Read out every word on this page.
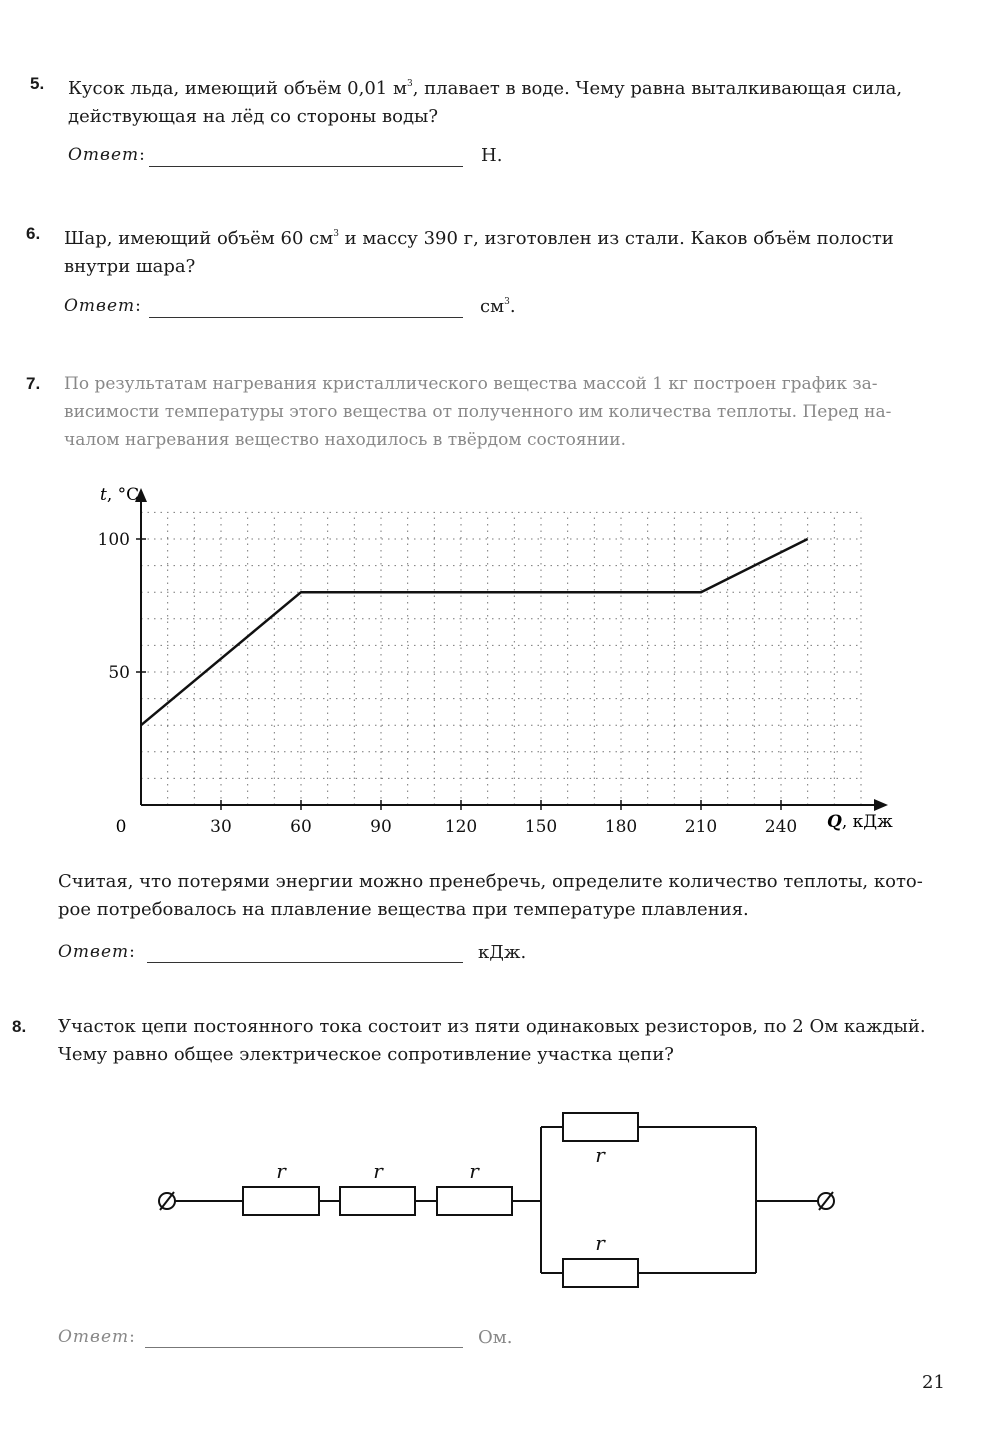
5. Кусок льда, имеющий объём 0,01 $м^3$, плавает в воде. Чему равна выталкивающая сила,
действующая на лёд со стороны воды?
Ответ:	Н.
6. Шар, имеющий объём 60 $см^3$ и массу 390 г, изготовлен из стали. Каков объём полости
внутри шара?
Ответ:	$см^3$.
7. По результатам нагревания кристаллического вещества массой 1 кг построен график за-
висимости температуры этого вещества от полученного им количества теплоты. Перед на-
чалом нагревания вещество находилось в твёрдом состоянии.
30	60	90	120	150	180	210	240
50
100
0
t, °C
Q, кДж
Считая, что потерями энергии можно пренебречь, определите количество теплоты, кото-
рое потребовалось на плавление вещества при температуре плавления.
Ответ:	кДж.
8. Участок цепи постоянного тока состоит из пяти одинаковых резисторов, по 2 Ом каждый.
Чему равно общее электрическое сопротивление участка цепи?
r	r	r
r
r
Ответ:	Ом.
21
